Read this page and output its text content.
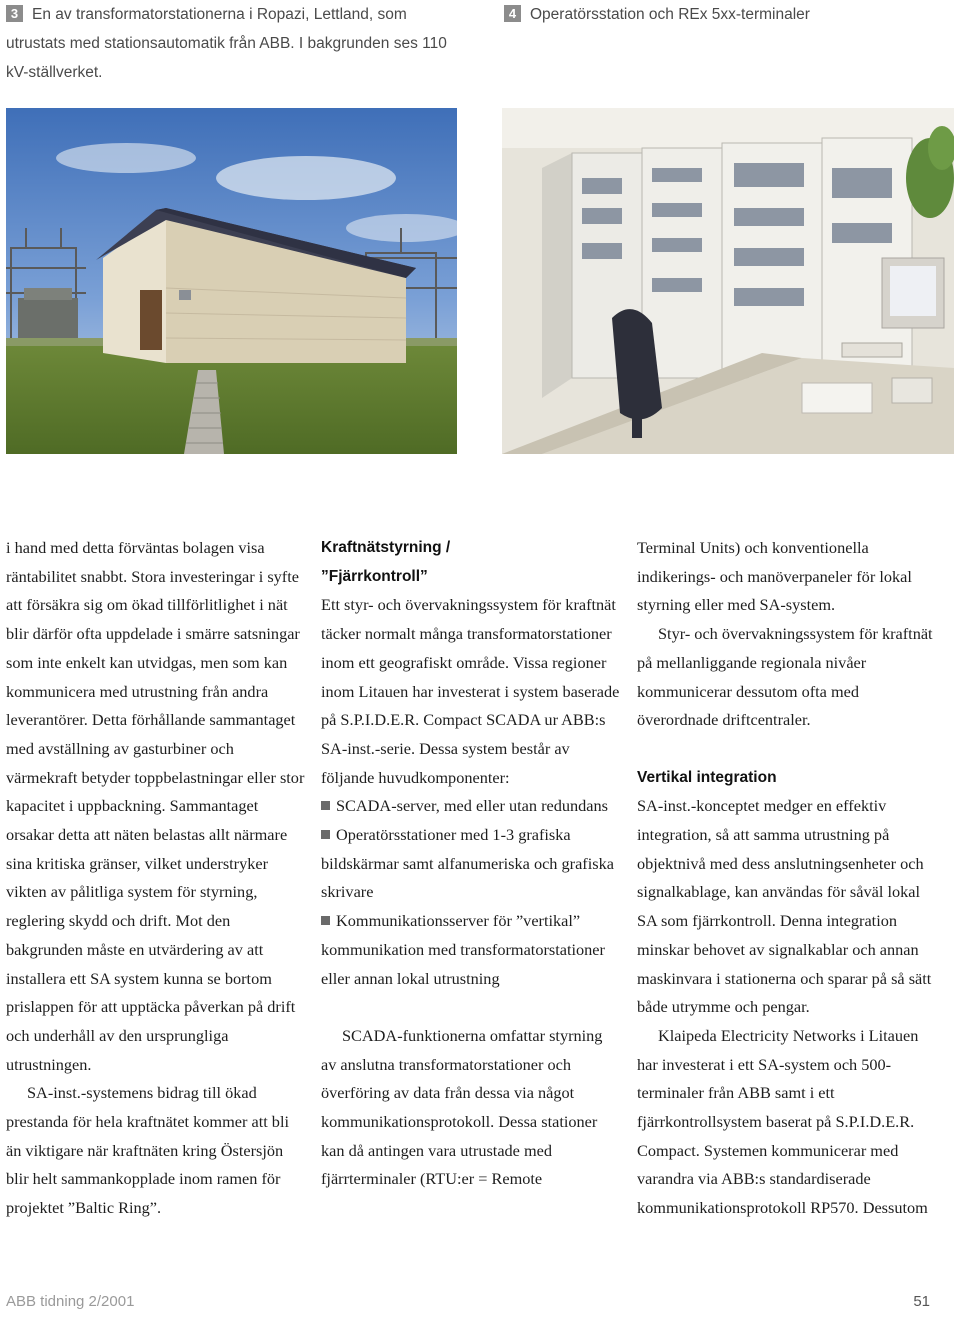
3 En av transformatorstationerna i Ropazi, Lettland, som utrustats med stationsautomatik från ABB. I bakgrunden ses 110 kV-ställverket.
4 Operatörsstation och REx 5xx-terminaler

i hand med detta förväntas bolagen visa räntabilitet snabbt. Stora investeringar i syfte att försäkra sig om ökad tillförlitlighet i nät blir därför ofta uppdelade i smärre satsningar som inte enkelt kan utvidgas, men som kan kommunicera med utrustning från andra leverantörer. Detta förhållande sammantaget med avställning av gasturbiner och värmekraft betyder toppbelastningar eller stor kapacitet i uppbackning. Sammantaget orsakar detta att näten belastas allt närmare sina kritiska gränser, vilket understryker vikten av pålitliga system för styrning, reglering skydd och drift. Mot den bakgrunden måste en utvärdering av att installera ett SA system kunna se bortom prislappen för att upptäcka påverkan på drift och underhåll av den ursprungliga utrustningen.

SA-inst.-systemens bidrag till ökad prestanda för hela kraftnätet kommer att bli än viktigare när kraftnäten kring Östersjön blir helt sammankopplade inom ramen för projektet ”Baltic Ring”.

Kraftnätstyrning /
”Fjärrkontroll”

Ett styr- och övervakningssystem för kraftnät täcker normalt många transformatorstationer inom ett geografiskt område. Vissa regioner inom Litauen har investerat i system baserade på S.P.I.D.E.R. Compact SCADA ur ABB:s SA-inst.-serie. Dessa system består av följande huvudkomponenter:

SCADA-server, med eller utan redundans

Operatörsstationer med 1-3 grafiska bildskärmar samt alfanumeriska och grafiska skrivare

Kommunikationsserver för ”vertikal” kommunikation med transformatorstationer eller annan lokal utrustning

SCADA-funktionerna omfattar styrning av anslutna transformatorstationer och överföring av data från dessa via något kommunikationsprotokoll. Dessa stationer kan då antingen vara utrustade med fjärrterminaler (RTU:er = Remote

Terminal Units) och konventionella indikerings- och manöverpaneler för lokal styrning eller med SA-system.

Styr- och övervakningssystem för kraftnät på mellanliggande regionala nivåer kommunicerar dessutom ofta med överordnade driftcentraler.

Vertikal integration

SA-inst.-konceptet medger en effektiv integration, så att samma utrustning på objektnivå med dess anslutningsenheter och signalkablage, kan användas för såväl lokal SA som fjärrkontroll. Denna integration minskar behovet av signalkablar och annan maskinvara i stationerna och sparar på så sätt både utrymme och pengar.

Klaipeda Electricity Networks i Litauen har investerat i ett SA-system och 500-terminaler från ABB samt i ett fjärrkontrollsystem baserat på S.P.I.D.E.R. Compact. Systemen kommunicerar med varandra via ABB:s standardiserade kommunikationsprotokoll RP570. Dessutom

ABB tidning 2/2001	51
